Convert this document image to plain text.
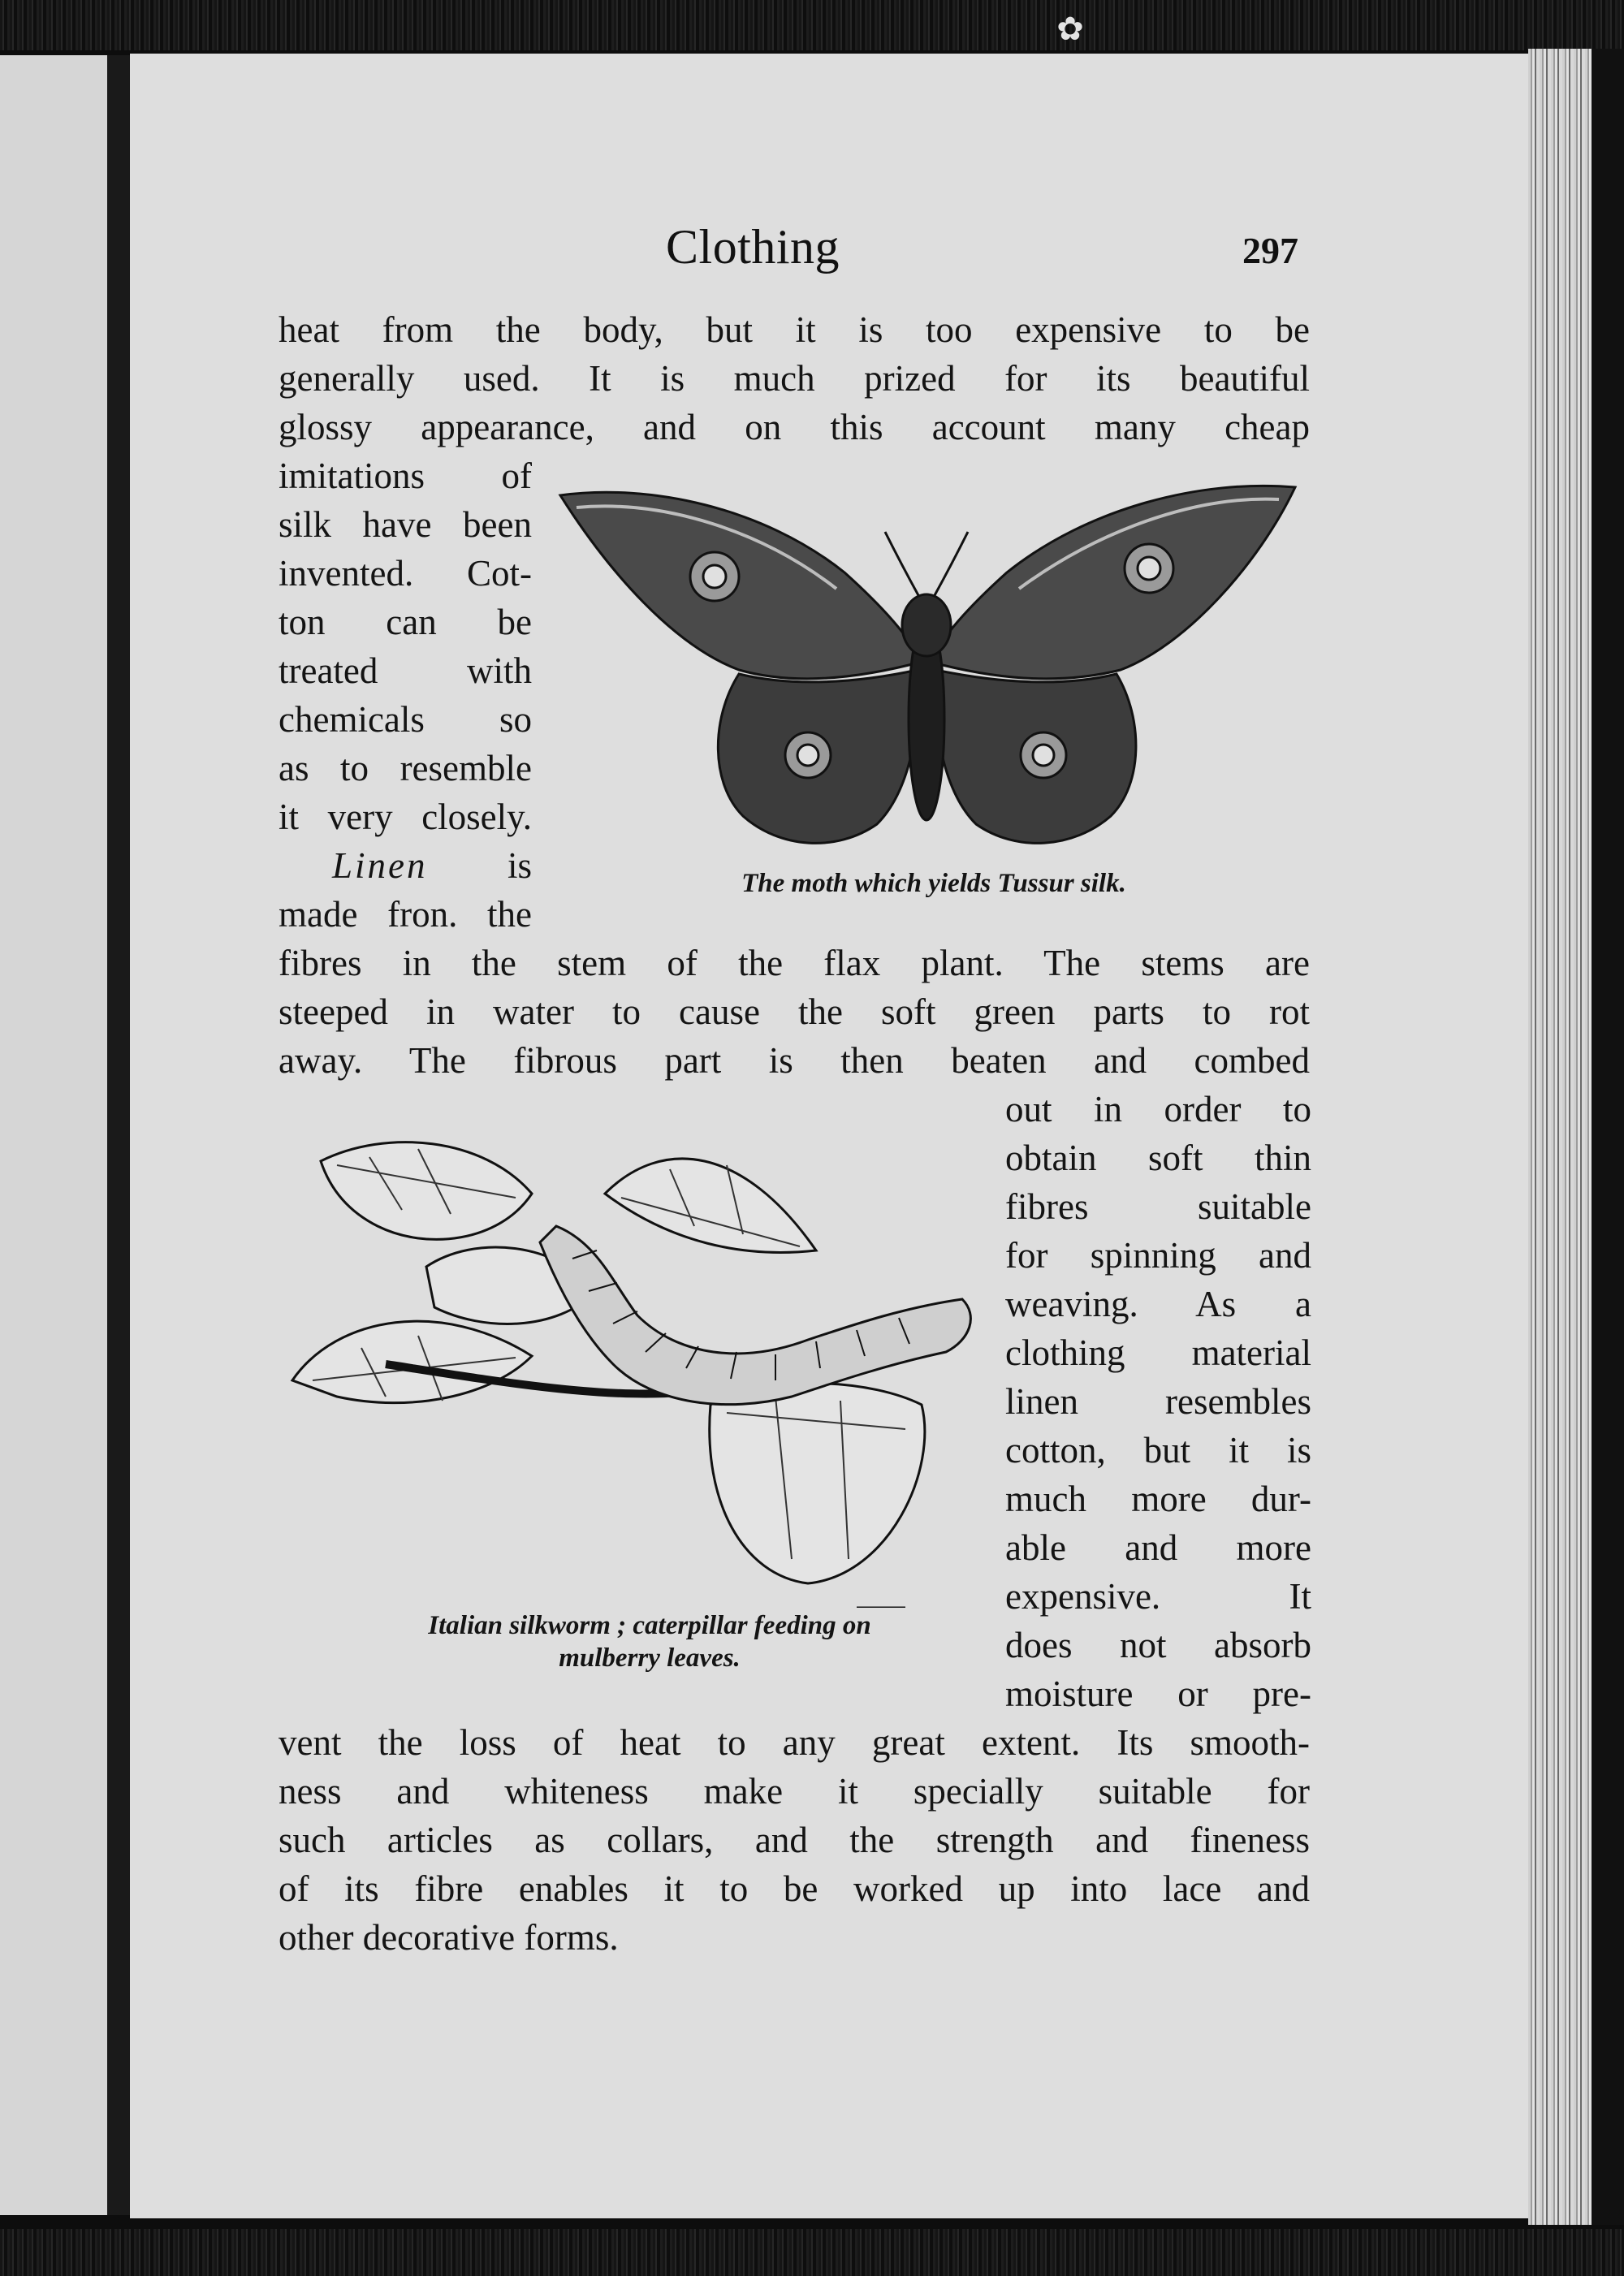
✿
Clothing	297
heat from the body, but it is too expensive to be
generally used. It is much prized for its beautiful
glossy appearance, and on this account many cheap
imitations of
silk have been
invented. Cot-
ton can be
treated with
chemicals so
as to resemble
it very closely.
Linen is
made fron. the
The moth which yields Tussur silk.
fibres in the stem of the flax plant. The stems are
steeped in water to cause the soft green parts to rot
away. The fibrous part is then beaten and combed
out in order to
obtain soft thin
fibres suitable
for spinning and
weaving. As a
clothing material
linen resembles
cotton, but it is
much more dur-
able and more
expensive. It
does not absorb
moisture or pre-
Italian silkworm ; caterpillar feeding on
mulberry leaves.
vent the loss of heat to any great extent. Its smooth-
ness and whiteness make it specially suitable for
such articles as collars, and the strength and fineness
of its fibre enables it to be worked up into lace and
other decorative forms.
